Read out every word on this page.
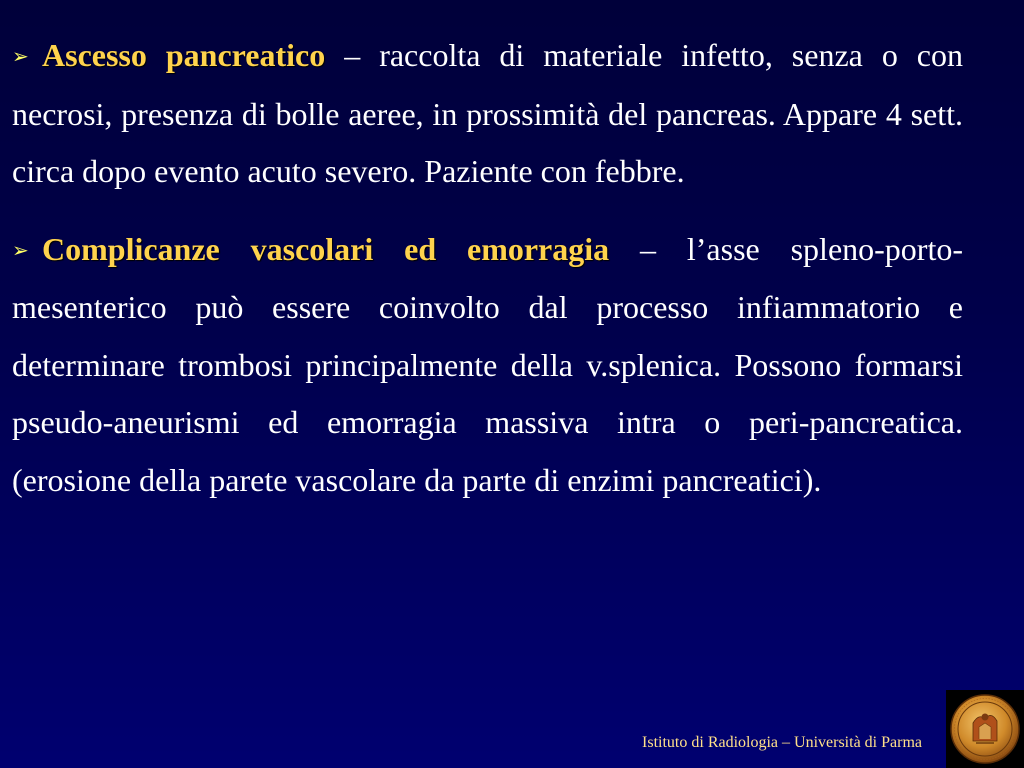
➢ Ascesso pancreatico – raccolta di materiale infetto, senza o con necrosi, presenza di bolle aeree, in prossimità del pancreas. Appare 4 sett. circa dopo evento acuto severo. Paziente con febbre.

➢ Complicanze vascolari ed emorragia – l’asse spleno-porto-mesenterico può essere coinvolto dal processo infiammatorio e determinare trombosi principalmente della v.splenica. Possono formarsi pseudo-aneurismi ed emorragia massiva intra o peri-pancreatica. (erosione della parete vascolare da parte di enzimi pancreatici).

Istituto di Radiologia – Università di Parma
